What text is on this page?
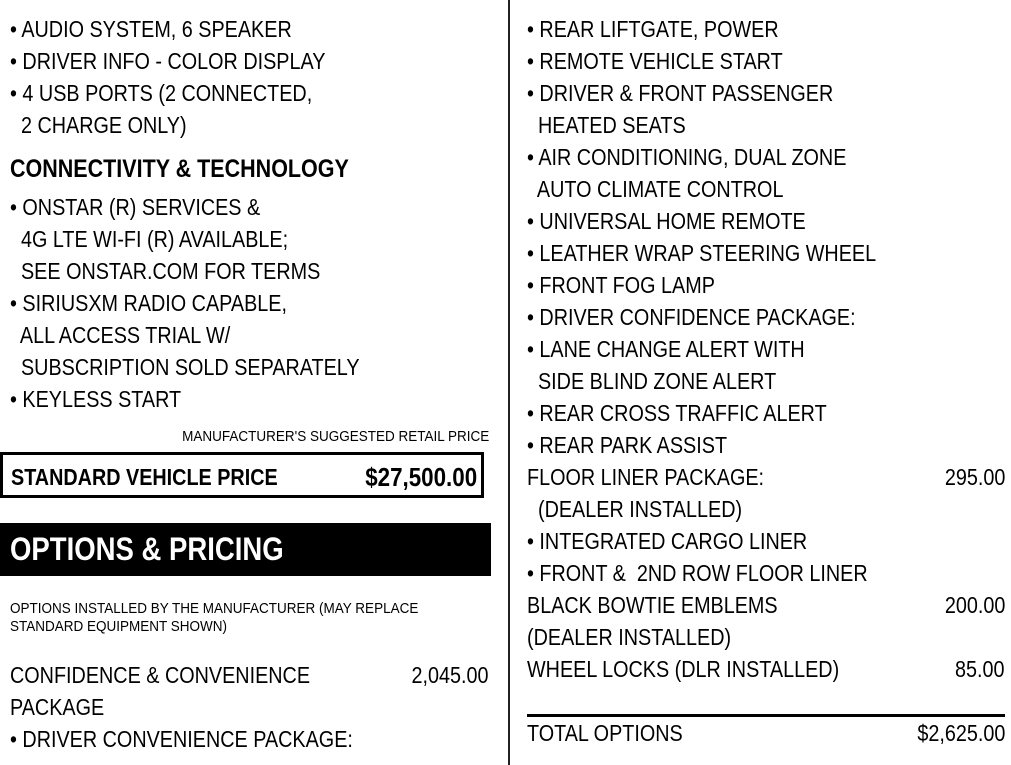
• AUDIO SYSTEM, 6 SPEAKER
• DRIVER INFO - COLOR DISPLAY
• 4 USB PORTS (2 CONNECTED,
2 CHARGE ONLY)
CONNECTIVITY & TECHNOLOGY
• ONSTAR (R) SERVICES &
4G LTE WI-FI (R) AVAILABLE;
SEE ONSTAR.COM FOR TERMS
• SIRIUSXM RADIO CAPABLE,
ALL ACCESS TRIAL W/
SUBSCRIPTION SOLD SEPARATELY
• KEYLESS START
MANUFACTURER'S SUGGESTED RETAIL PRICE
STANDARD VEHICLE PRICE	$27,500.00
OPTIONS & PRICING
OPTIONS INSTALLED BY THE MANUFACTURER (MAY REPLACE
STANDARD EQUIPMENT SHOWN)
CONFIDENCE & CONVENIENCE	2,045.00
PACKAGE
• DRIVER CONVENIENCE PACKAGE:
• REAR LIFTGATE, POWER
• REMOTE VEHICLE START
• DRIVER & FRONT PASSENGER
HEATED SEATS
• AIR CONDITIONING, DUAL ZONE
AUTO CLIMATE CONTROL
• UNIVERSAL HOME REMOTE
• LEATHER WRAP STEERING WHEEL
• FRONT FOG LAMP
• DRIVER CONFIDENCE PACKAGE:
• LANE CHANGE ALERT WITH
SIDE BLIND ZONE ALERT
• REAR CROSS TRAFFIC ALERT
• REAR PARK ASSIST
FLOOR LINER PACKAGE:	295.00
(DEALER INSTALLED)
• INTEGRATED CARGO LINER
• FRONT &  2ND ROW FLOOR LINER
BLACK BOWTIE EMBLEMS	200.00
(DEALER INSTALLED)
WHEEL LOCKS (DLR INSTALLED)	85.00
TOTAL OPTIONS	$2,625.00
